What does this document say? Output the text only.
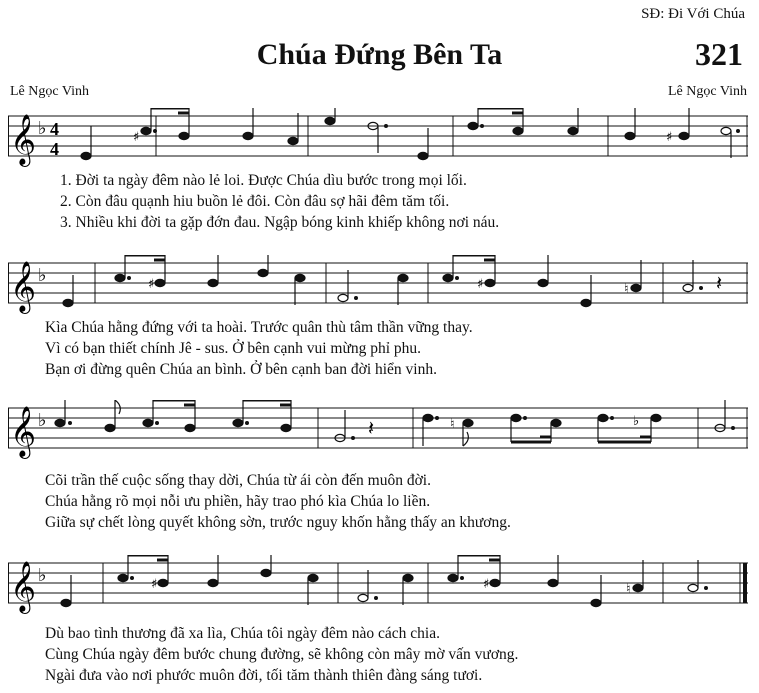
SĐ: Đi Với Chúa
Chúa Đứng Bên Ta	321
Lê Ngọc Vinh	Lê Ngọc Vinh
𝄞 ♭ 4
4
♯	♯
1. Đời ta ngày đêm nào lẻ loi. Được Chúa dìu bước trong mọi lối.
2. Còn đâu quạnh hiu buồn lẻ đôi. Còn đâu sợ hãi đêm tăm tối.
3. Nhiều khi đời ta gặp đớn đau. Ngập bóng kinh khiếp không nơi náu.
𝄞 ♭	♯	♯	♮	𝄽
Kìa Chúa hằng đứng với ta hoài. Trước quân thù tâm thần vững thay.
Vì có bạn thiết chính Jê - sus. Ở bên cạnh vui mừng phỉ phu.
Bạn ơi đừng quên Chúa an bình. Ở bên cạnh ban đời hiển vinh.
𝄞 ♭	𝄽	♮	♭
Cõi trần thế cuộc sống thay dời, Chúa từ ái còn đến muôn đời.
Chúa hằng rõ mọi nỗi ưu phiền, hãy trao phó kìa Chúa lo liền.
Giữa sự chết lòng quyết không sờn, trước nguy khốn hằng thấy an khương.
𝄞 ♭	♯	♯	♮
Dù bao tình thương đã xa lìa, Chúa tôi ngày đêm nào cách chia.
Cùng Chúa ngày đêm bước chung đường, sẽ không còn mây mờ vấn vương.
Ngài đưa vào nơi phước muôn đời, tối tăm thành thiên đàng sáng tươi.
